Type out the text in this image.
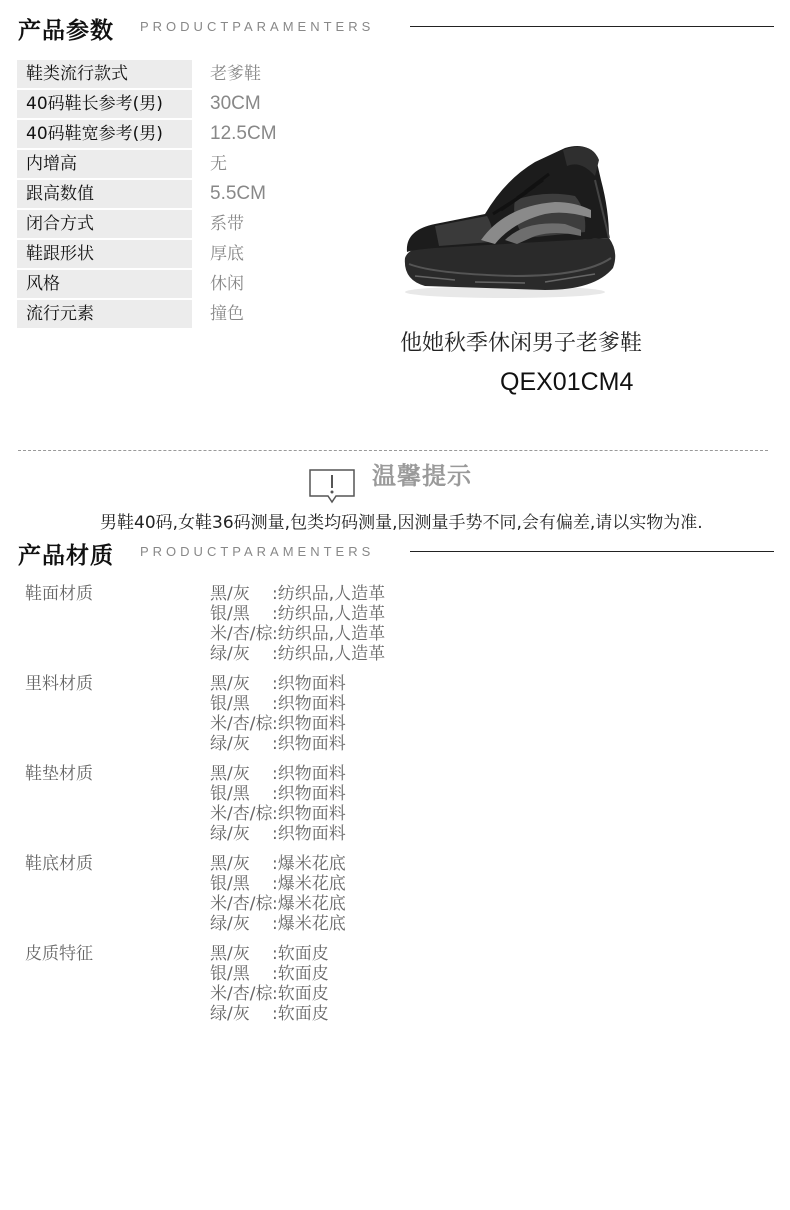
产品参数 PRODUCTPARAMENTERS
鞋类流行款式	老爹鞋
40码鞋长参考(男)	30CM
40码鞋宽参考(男)	12.5CM
内增高	无
跟高数值	5.5CM
闭合方式	系带
鞋跟形状	厚底
风格	休闲
流行元素	撞色
他她秋季休闲男子老爹鞋
QEX01CM4
温馨提示
男鞋40码,女鞋36码测量,包类均码测量,因测量手势不同,会有偏差,请以实物为准.
产品材质 PRODUCTPARAMENTERS
鞋面材质	黑/灰 :纺织品,人造革
银/黑 :纺织品,人造革
米/杏/棕 :纺织品,人造革
绿/灰 :纺织品,人造革
里料材质	黑/灰 :织物面料
银/黑 :织物面料
米/杏/棕 :织物面料
绿/灰 :织物面料
鞋垫材质	黑/灰 :织物面料
银/黑 :织物面料
米/杏/棕 :织物面料
绿/灰 :织物面料
鞋底材质	黑/灰 :爆米花底
银/黑 :爆米花底
米/杏/棕 :爆米花底
绿/灰 :爆米花底
皮质特征	黑/灰 :软面皮
银/黑 :软面皮
米/杏/棕 :软面皮
绿/灰 :软面皮
